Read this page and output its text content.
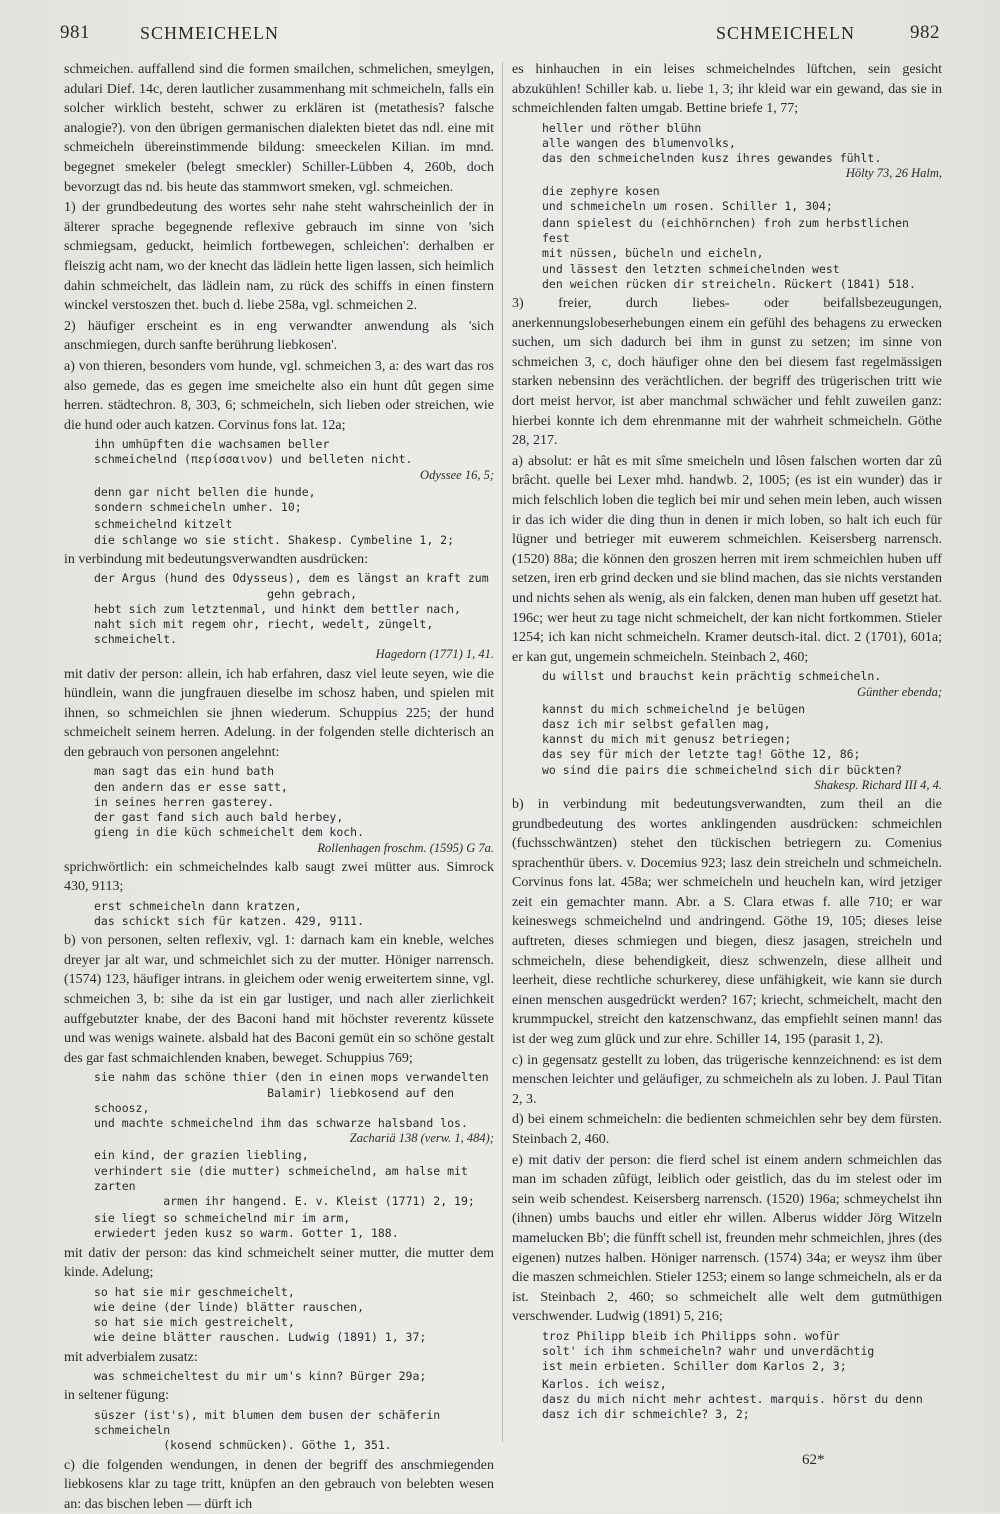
981	SCHMEICHELN	SCHMEICHELN	982

schmeichen. auffallend sind die formen smailchen, schmelichen, smeylgen, adulari Dief. 14c, deren lautlicher zusammenhang mit schmeicheln, falls ein solcher wirklich besteht, schwer zu erklären ist (metathesis? falsche analogie?). von den übrigen germanischen dialekten bietet das ndl. eine mit schmeicheln übereinstimmende bildung: smeeckelen Kilian. im mnd. begegnet smekeler (belegt smeckler) Schiller-Lübben 4, 260b, doch bevorzugt das nd. bis heute das stammwort smeken, vgl. schmeichen.

1) der grundbedeutung des wortes sehr nahe steht wahrscheinlich der in älterer sprache begegnende reflexive gebrauch im sinne von 'sich schmiegsam, geduckt, heimlich fortbewegen, schleichen': derhalben er fleiszig acht nam, wo der knecht das lädlein hette ligen lassen, sich heimlich dahin schmeichelt, das lädlein nam, zu rück des schiffs in einen finstern winckel verstoszen thet. buch d. liebe 258a, vgl. schmeichen 2.

2) häufiger erscheint es in eng verwandter anwendung als 'sich anschmiegen, durch sanfte berührung liebkosen'.

a) von thieren, besonders vom hunde, vgl. schmeichen 3, a: des wart das ros also gemede, das es gegen ime smeichelte also ein hunt dût gegen sime herren. städtechron. 8, 303, 6; schmeicheln, sich lieben oder streichen, wie die hund oder auch katzen. Corvinus fons lat. 12a;

ihn umhüpften die wachsamen beller
schmeichelnd (περίσσαινον) und belleten nicht.
Odyssee 16, 5;
denn gar nicht bellen die hunde,
sondern schmeicheln umher. 10;
schmeichelnd kitzelt
die schlange wo sie sticht. Shakesp. Cymbeline 1, 2;

in verbindung mit bedeutungsverwandten ausdrücken:

der Argus (hund des Odysseus), dem es längst an kraft zum
gehn gebrach,
hebt sich zum letztenmal, und hinkt dem bettler nach,
naht sich mit regem ohr, riecht, wedelt, züngelt, schmeichelt.
Hagedorn (1771) 1, 41.

mit dativ der person: allein, ich hab erfahren, dasz viel leute seyen, wie die hündlein, wann die jungfrauen dieselbe im schosz haben, und spielen mit ihnen, so schmeichlen sie jhnen wiederum. Schuppius 225; der hund schmeichelt seinem herren. Adelung. in der folgenden stelle dichterisch an den gebrauch von personen angelehnt:

man sagt das ein hund bath
den andern das er esse satt,
in seines herren gasterey.
der gast fand sich auch bald herbey,
gieng in die küch schmeichelt dem koch.
Rollenhagen froschm. (1595) G 7a.

sprichwörtlich: ein schmeichelndes kalb saugt zwei mütter aus. Simrock 430, 9113;

erst schmeicheln dann kratzen,
das schickt sich für katzen. 429, 9111.

b) von personen, selten reflexiv, vgl. 1: darnach kam ein kneble, welches dreyer jar alt war, und schmeichlet sich zu der mutter. Höniger narrensch. (1574) 123, häufiger intrans. in gleichem oder wenig erweitertem sinne, vgl. schmeichen 3, b: sihe da ist ein gar lustiger, und nach aller zierlichkeit auffgebutzter knabe, der des Baconi hand mit höchster reverentz küssete und was wenigs wainete. alsbald hat des Baconi gemüt ein so schöne gestalt des gar fast schmaichlenden knaben, beweget. Schuppius 769;

sie nahm das schöne thier (den in einen mops verwandelten
Balamir) liebkosend auf den schoosz,
und machte schmeichelnd ihm das schwarze halsband los.
Zachariä 138 (verw. 1, 484);
ein kind, der grazien liebling,
verhindert sie (die mutter) schmeichelnd, am halse mit zarten
armen ihr hangend. E. v. Kleist (1771) 2, 19;
sie liegt so schmeichelnd mir im arm,
erwiedert jeden kusz so warm. Gotter 1, 188.

mit dativ der person: das kind schmeichelt seiner mutter, die mutter dem kinde. Adelung;

so hat sie mir geschmeichelt,
wie deine (der linde) blätter rauschen,
so hat sie mich gestreichelt,
wie deine blätter rauschen. Ludwig (1891) 1, 37;

mit adverbialem zusatz:

was schmeicheltest du mir um's kinn? Bürger 29a;

in seltener fügung:

süszer (ist's), mit blumen dem busen der schäferin schmeicheln
(kosend schmücken). Göthe 1, 351.

c) die folgenden wendungen, in denen der begriff des anschmiegenden liebkosens klar zu tage tritt, knüpfen an den gebrauch von belebten wesen an: das bischen leben — dürft ich

es hinhauchen in ein leises schmeichelndes lüftchen, sein gesicht abzukühlen! Schiller kab. u. liebe 1, 3; ihr kleid war ein gewand, das sie in schmeichlenden falten umgab. Bettine briefe 1, 77;

heller und röther blühn
alle wangen des blumenvolks,
das den schmeichelnden kusz ihres gewandes fühlt.
Hölty 73, 26 Halm,
die zephyre kosen
und schmeicheln um rosen. Schiller 1, 304;
dann spielest du (eichhörnchen) froh zum herbstlichen fest
mit nüssen, bücheln und eicheln,
und lässest den letzten schmeichelnden west
den weichen rücken dir streicheln. Rückert (1841) 518.

3) freier, durch liebes- oder beifallsbezeugungen, anerkennungslobeserhebungen einem ein gefühl des behagens zu erwecken suchen, um sich dadurch bei ihm in gunst zu setzen; im sinne von schmeichen 3, c, doch häufiger ohne den bei diesem fast regelmässigen starken nebensinn des verächtlichen. der begriff des trügerischen tritt wie dort meist hervor, ist aber manchmal schwächer und fehlt zuweilen ganz: hierbei konnte ich dem ehrenmanne mit der wahrheit schmeicheln. Göthe 28, 217.

a) absolut: er hât es mit sîme smeicheln und lôsen falschen worten dar zû brâcht. quelle bei Lexer mhd. handwb. 2, 1005; (es ist ein wunder) das ir mich felschlich loben die teglich bei mir und sehen mein leben, auch wissen ir das ich wider die ding thun in denen ir mich loben, so halt ich euch für lügner und betrieger mit euwerem schmeichlen. Keisersberg narrensch. (1520) 88a; die können den groszen herren mit irem schmeichlen huben uff setzen, iren erb grind decken und sie blind machen, das sie nichts verstanden und nichts sehen als wenig, als ein falcken, denen man huben uff gesetzt hat. 196c; wer heut zu tage nicht schmeichelt, der kan nicht fortkommen. Stieler 1254; ich kan nicht schmeicheln. Kramer deutsch-ital. dict. 2 (1701), 601a; er kan gut, ungemein schmeicheln. Steinbach 2, 460;

du willst und brauchst kein prächtig schmeicheln.
Günther ebenda;
kannst du mich schmeichelnd je belügen
dasz ich mir selbst gefallen mag,
kannst du mich mit genusz betriegen;
das sey für mich der letzte tag! Göthe 12, 86;
wo sind die pairs die schmeichelnd sich dir bückten?
Shakesp. Richard III 4, 4.

b) in verbindung mit bedeutungsverwandten, zum theil an die grundbedeutung des wortes anklingenden ausdrücken: schmeichlen (fuchsschwäntzen) stehet den tückischen betriegern zu. Comenius sprachenthür übers. v. Docemius 923; lasz dein streicheln und schmeicheln. Corvinus fons lat. 458a; wer schmeicheln und heucheln kan, wird jetziger zeit ein gemachter mann. Abr. a S. Clara etwas f. alle 710; er war keineswegs schmeichelnd und andringend. Göthe 19, 105; dieses leise auftreten, dieses schmiegen und biegen, diesz jasagen, streicheln und schmeicheln, diese behendigkeit, diesz schwenzeln, diese allheit und leerheit, diese rechtliche schurkerey, diese unfähigkeit, wie kann sie durch einen menschen ausgedrückt werden? 167; kriecht, schmeichelt, macht den krummpuckel, streicht den katzenschwanz, das empfiehlt seinen mann! das ist der weg zum glück und zur ehre. Schiller 14, 195 (parasit 1, 2).

c) in gegensatz gestellt zu loben, das trügerische kennzeichnend: es ist dem menschen leichter und geläufiger, zu schmeicheln als zu loben. J. Paul Titan 2, 3.

d) bei einem schmeicheln: die bedienten schmeichlen sehr bey dem fürsten. Steinbach 2, 460.

e) mit dativ der person: die fierd schel ist einem andern schmeichlen das man im schaden zûfügt, leiblich oder geistlich, das du im stelest oder im sein weib schendest. Keisersberg narrensch. (1520) 196a; schmeychelst ihn (ihnen) umbs bauchs und eitler ehr willen. Alberus widder Jörg Witzeln mamelucken Bb'; die fünfft schell ist, freunden mehr schmeichlen, jhres (des eigenen) nutzes halben. Höniger narrensch. (1574) 34a; er weysz ihm über die maszen schmeichlen. Stieler 1253; einem so lange schmeicheln, als er da ist. Steinbach 2, 460; so schmeichelt alle welt dem gutmüthigen verschwender. Ludwig (1891) 5, 216;

troz Philipp bleib ich Philipps sohn. wofür
solt' ich ihm schmeicheln? wahr und unverdächtig
ist mein erbieten. Schiller dom Karlos 2, 3;
Karlos. ich weisz,
dasz du mich nicht mehr achtest. marquis. hörst du denn
dasz ich dir schmeichle? 3, 2;
62*
